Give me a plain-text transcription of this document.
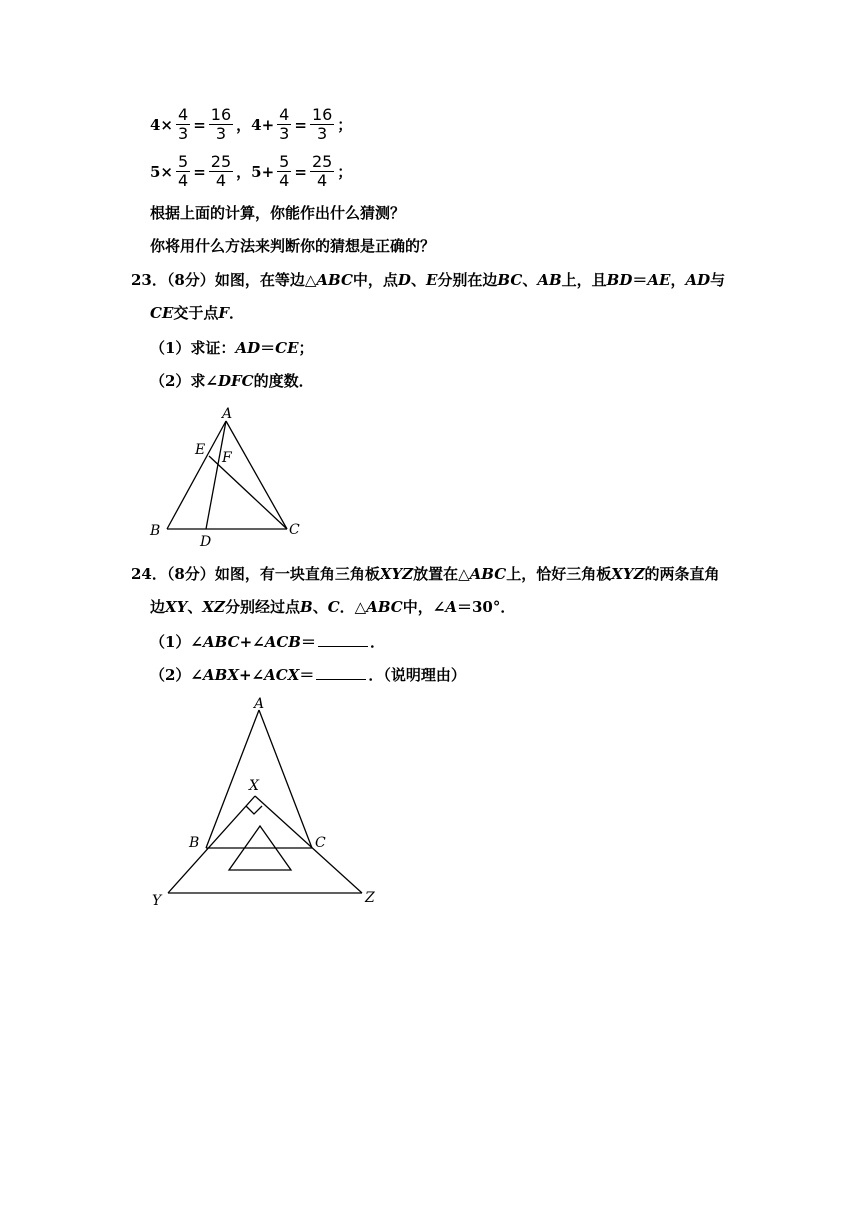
$4\times \frac{4}{3} = \frac{16}{3}$ ， $4+ \frac{4}{3} = \frac{16}{3}$ ；
$5\times \frac{5}{4} = \frac{25}{4}$ ， $5+ \frac{5}{4} = \frac{25}{4}$ ；
根据上面的计算，你能作出什么猜测？
你将用什么方法来判断你的猜想是正确的？
23．（8分）如图，在等边△ABC中，点D、E分别在边BC、AB上，且BD＝AE，AD与
CE交于点F．
（1）求证：AD＝CE；
（2）求∠DFC的度数．
A
B	C
D
E F
24．（8分）如图，有一块直角三角板XYZ放置在△ABC上，恰好三角板XYZ的两条直角
边XY、XZ分别经过点B、C．△ABC中，∠A＝30°．
（1）∠ABC+∠ACB＝	．
（2）∠ABX+∠ACX＝	．（说明理由）
A
B	C
X
Y	Z
